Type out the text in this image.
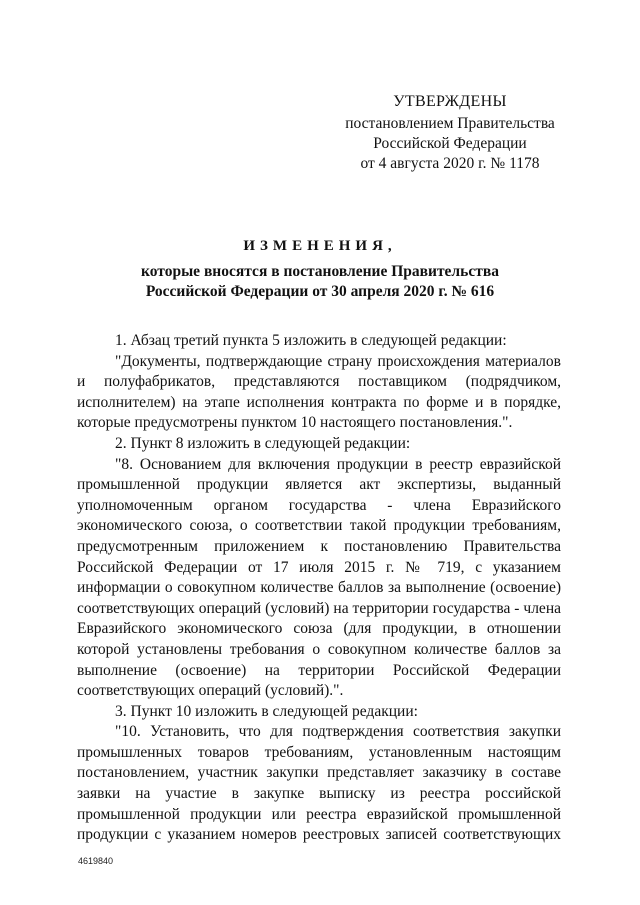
УТВЕРЖДЕНЫ
постановлением Правительства
Российской Федерации
от 4 августа 2020 г. № 1178
ИЗМЕНЕНИЯ,
которые вносятся в постановление Правительства Российской Федерации от 30 апреля 2020 г. № 616

1. Абзац третий пункта 5 изложить в следующей редакции:

"Документы, подтверждающие страну происхождения материалов и полуфабрикатов, представляются поставщиком (подрядчиком, исполнителем) на этапе исполнения контракта по форме и в порядке, которые предусмотрены пунктом 10 настоящего постановления.".

2. Пункт 8 изложить в следующей редакции:

"8. Основанием для включения продукции в реестр евразийской промышленной продукции является акт экспертизы, выданный уполномоченным органом государства - члена Евразийского экономического союза, о соответствии такой продукции требованиям, предусмотренным приложением к постановлению Правительства Российской Федерации от 17 июля 2015 г. № 719, с указанием информации о совокупном количестве баллов за выполнение (освоение) соответствующих операций (условий) на территории государства - члена Евразийского экономического союза (для продукции, в отношении которой установлены требования о совокупном количестве баллов за выполнение (освоение) на территории Российской Федерации соответствующих операций (условий).".

3. Пункт 10 изложить в следующей редакции:

"10. Установить, что для подтверждения соответствия закупки промышленных товаров требованиям, установленным настоящим постановлением, участник закупки представляет заказчику в составе заявки на участие в закупке выписку из реестра российской промышленной продукции или реестра евразийской промышленной продукции с указанием номеров реестровых записей соответствующих

4619840
